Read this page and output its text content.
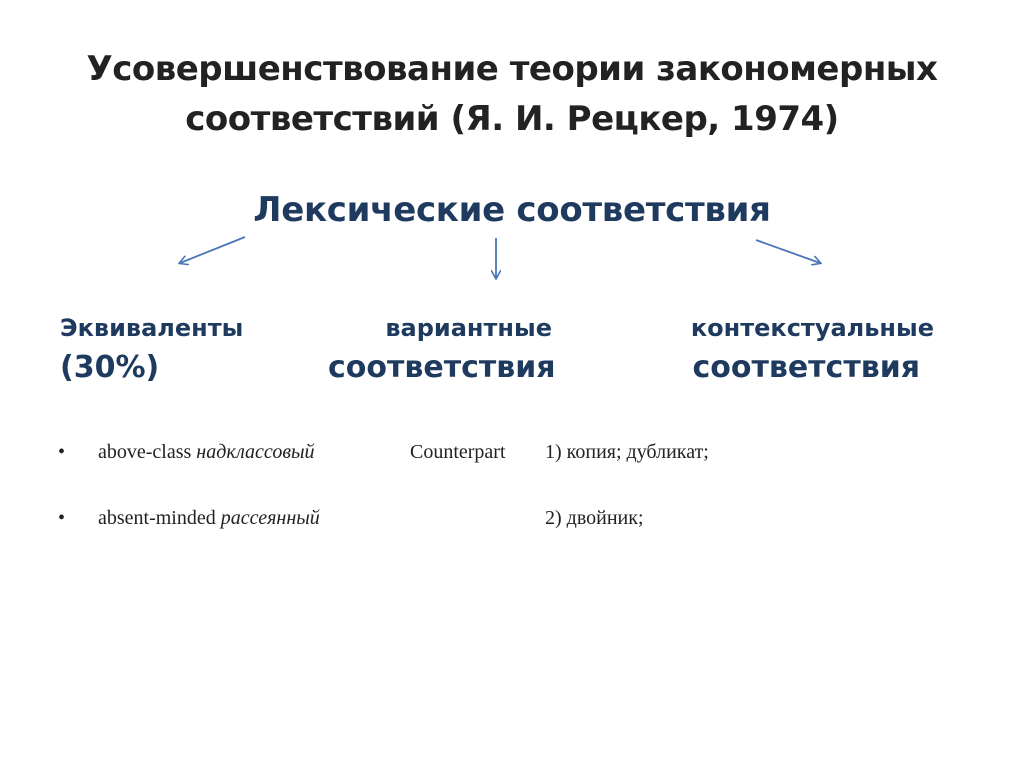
Усовершенствование теории закономерных
соответствий (Я. И. Рецкер, 1974)
Лексические соответствия
Эквиваленты
(30%)
вариантные
соответствия
контекстуальные
соответствия
• above-class надклассовый	Counterpart 1) копия; дубликат;
• absent-minded рассеянный	2) двойник;
